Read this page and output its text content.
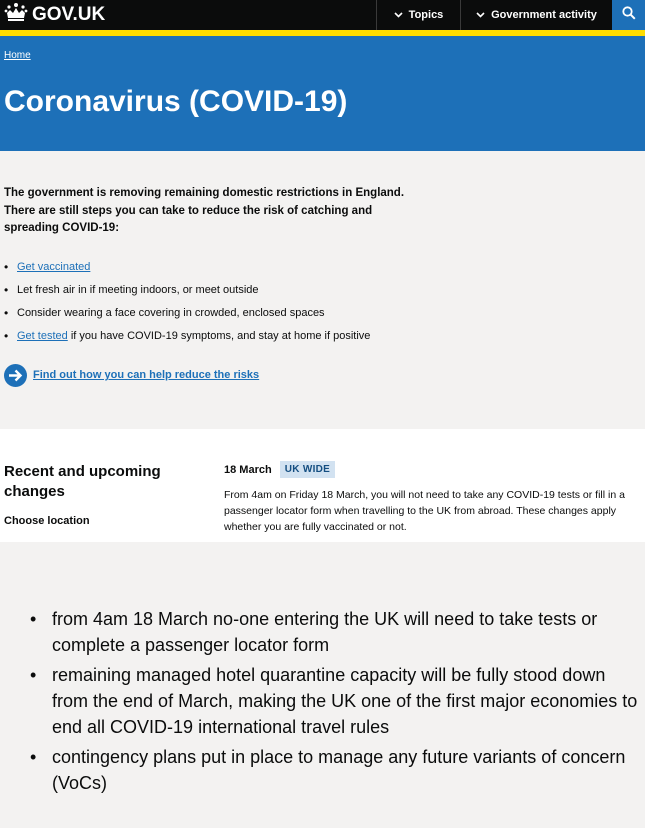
GOV.UK	Topics	Government activity
Home
Coronavirus (COVID-19)

The government is removing remaining domestic restrictions in England. There are still steps you can take to reduce the risk of catching and spreading COVID-19:

• Get vaccinated
• Let fresh air in if meeting indoors, or meet outside
• Consider wearing a face covering in crowded, enclosed spaces
• Get tested if you have COVID-19 symptoms, and stay at home if positive
Find out how you can help reduce the risks
Recent and upcoming changes

Choose location

18 March	UK WIDE

From 4am on Friday 18 March, you will not need to take any COVID-19 tests or fill in a passenger locator form when travelling to the UK from abroad. These changes apply whether you are fully vaccinated or not.

• from 4am 18 March no-one entering the UK will need to take tests or complete a passenger locator form
• remaining managed hotel quarantine capacity will be fully stood down from the end of March, making the UK one of the first major economies to end all COVID-19 international travel rules
• contingency plans put in place to manage any future variants of concern (VoCs)
